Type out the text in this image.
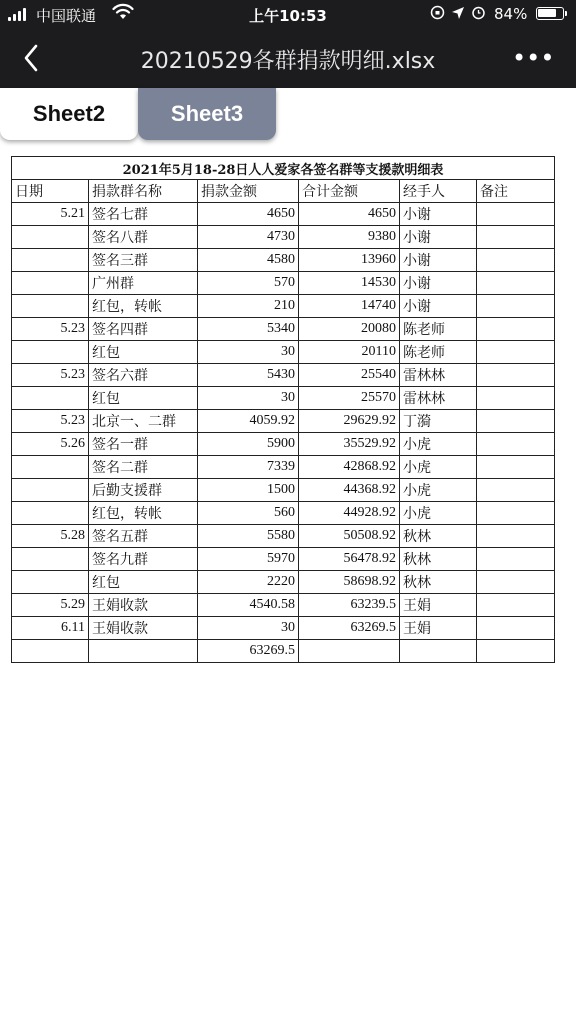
中国联通	上午10:53	84%
20210529各群捐款明细.xlsx	•••
Sheet2	Sheet3
2021年5月18-28日人人爱家各签名群等支援款明细表					
日期	捐款群名称	捐款金额	合计金额	经手人	备注
5.21	签名七群	4650	4650	小谢	
	签名八群	4730	9380	小谢	
	签名三群	4580	13960	小谢	
	广州群	570	14530	小谢	
	红包，转帐	210	14740	小谢	
5.23	签名四群	5340	20080	陈老师	
	红包	30	20110	陈老师	
5.23	签名六群	5430	25540	雷林林	
	红包	30	25570	雷林林	
5.23	北京一、二群	4059.92	29629.92	丁漪	
5.26	签名一群	5900	35529.92	小虎	
	签名二群	7339	42868.92	小虎	
	后勤支援群	1500	44368.92	小虎	
	红包，转帐	560	44928.92	小虎	
5.28	签名五群	5580	50508.92	秋林	
	签名九群	5970	56478.92	秋林	
	红包	2220	58698.92	秋林	
5.29	王娟收款	4540.58	63239.5	王娟	
6.11	王娟收款	30	63269.5	王娟	
		63269.5			
